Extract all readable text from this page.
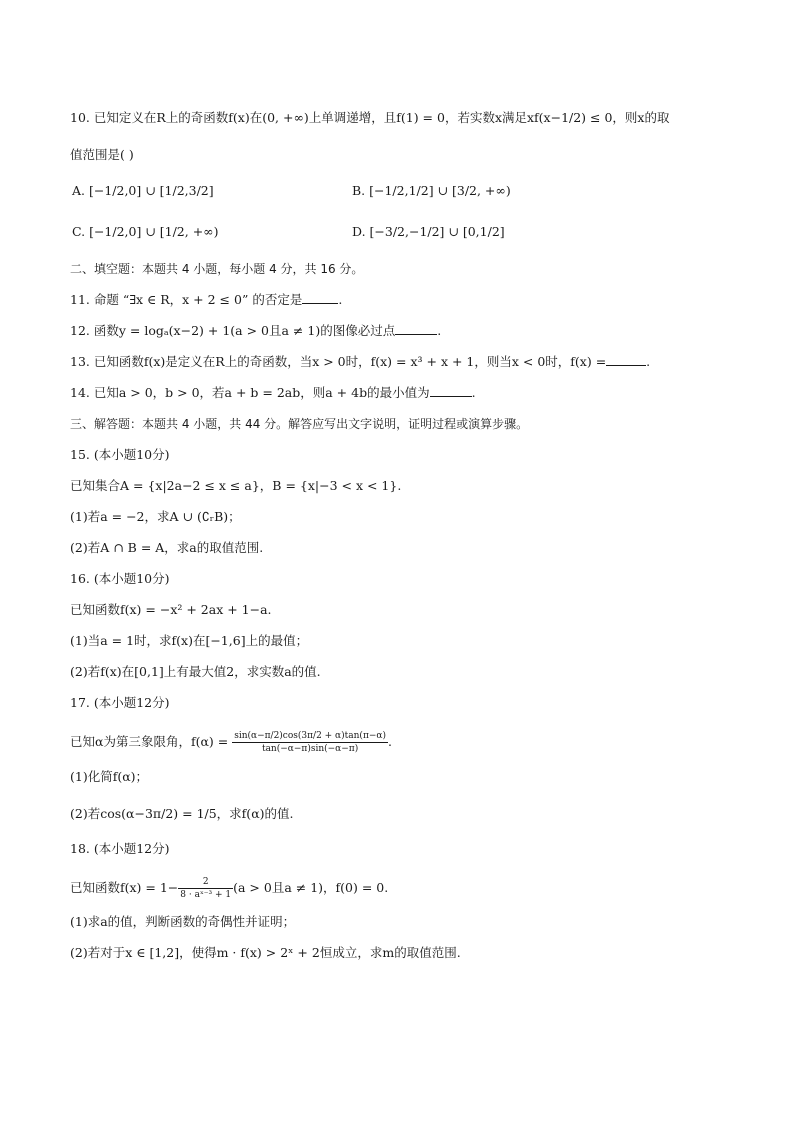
10. 已知定义在R上的奇函数f(x)在(0, +∞)上单调递增，且f(1) = 0，若实数x满足xf(x−1/2) ≤ 0，则x的取
值范围是( )
A. [−1/2,0] ∪ [1/2,3/2]	B. [−1/2,1/2] ∪ [3/2, +∞)
C. [−1/2,0] ∪ [1/2, +∞)	D. [−3/2,−1/2] ∪ [0,1/2]
二、填空题：本题共 4 小题，每小题 4 分，共 16 分。
11. 命题 “∃x ∈ R，x + 2 ≤ 0” 的否定是	.
12. 函数y = logₐ(x−2) + 1(a > 0且a ≠ 1)的图像必过点	.
13. 已知函数f(x)是定义在R上的奇函数，当x > 0时，f(x) = x³ + x + 1，则当x < 0时，f(x) =	.
14. 已知a > 0，b > 0，若a + b = 2ab，则a + 4b的最小值为	.
三、解答题：本题共 4 小题，共 44 分。解答应写出文字说明，证明过程或演算步骤。
15. (本小题10分)
已知集合A = {x|2a−2 ≤ x ≤ a}，B = {x|−3 < x < 1}.
(1)若a = −2，求A ∪ (∁ᵣB)；
(2)若A ∩ B = A，求a的取值范围.
16. (本小题10分)
已知函数f(x) = −x² + 2ax + 1−a.
(1)当a = 1时，求f(x)在[−1,6]上的最值；
(2)若f(x)在[0,1]上有最大值2，求实数a的值.
17. (本小题12分)
已知α为第三象限角，$f(\alpha) = \frac{\sin(\alpha-\pi/2)\cos(3\pi/2 + \alpha)\tan(\pi-\alpha)}{\tan(-\alpha-\pi)\sin(-\alpha-\pi)}$ .
(1)化简f(α)；
(2)若cos(α−3π/2) = 1/5，求f(α)的值.
18. (本小题12分)
已知函数$f(x) = 1- \frac{2}{\text{8 · aˣ⁻³ + 1}} (a > 0$且a ≠ 1)，f(0) = 0.
(1)求a的值，判断函数的奇偶性并证明；
(2)若对于x ∈ [1,2]，使得m · f(x) > 2ˣ + 2恒成立，求m的取值范围.
